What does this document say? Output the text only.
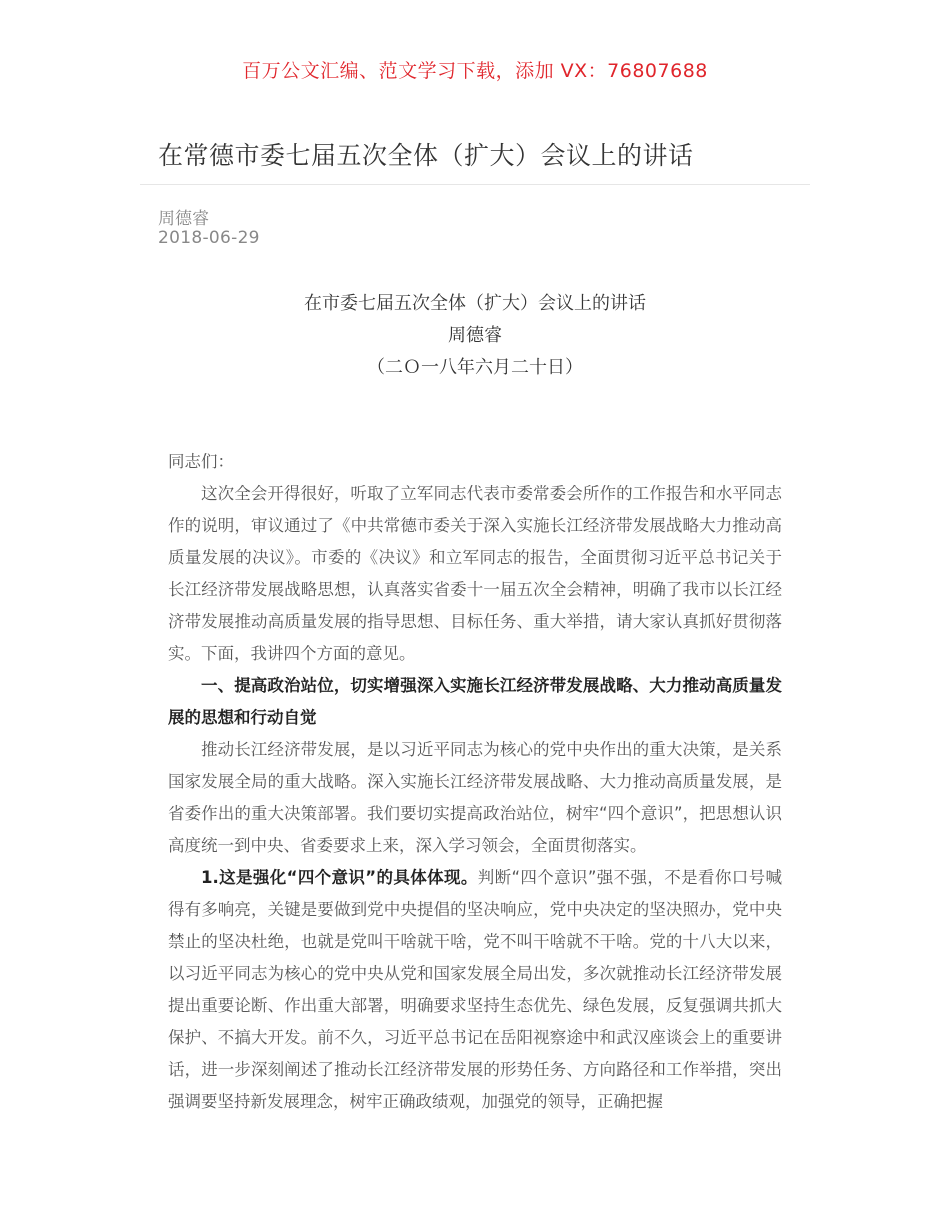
百万公文汇编、范文学习下载，添加 VX：76807688
在常德市委七届五次全体（扩大）会议上的讲话
周德睿
2018-06-29
在市委七届五次全体（扩大）会议上的讲话
周德睿
（二Ｏ一八年六月二十日）

同志们：

这次全会开得很好，听取了立军同志代表市委常委会所作的工作报告和水平同志作的说明，审议通过了《中共常德市委关于深入实施长江经济带发展战略大力推动高质量发展的决议》。市委的《决议》和立军同志的报告，全面贯彻习近平总书记关于长江经济带发展战略思想，认真落实省委十一届五次全会精神，明确了我市以长江经济带发展推动高质量发展的指导思想、目标任务、重大举措，请大家认真抓好贯彻落实。下面，我讲四个方面的意见。

一、提高政治站位，切实增强深入实施长江经济带发展战略、大力推动高质量发展的思想和行动自觉

推动长江经济带发展，是以习近平同志为核心的党中央作出的重大决策，是关系国家发展全局的重大战略。深入实施长江经济带发展战略、大力推动高质量发展，是省委作出的重大决策部署。我们要切实提高政治站位，树牢“四个意识”，把思想认识高度统一到中央、省委要求上来，深入学习领会，全面贯彻落实。

1.这是强化“四个意识”的具体体现。判断“四个意识”强不强，不是看你口号喊得有多响亮，关键是要做到党中央提倡的坚决响应，党中央决定的坚决照办，党中央禁止的坚决杜绝，也就是党叫干啥就干啥，党不叫干啥就不干啥。党的十八大以来，以习近平同志为核心的党中央从党和国家发展全局出发，多次就推动长江经济带发展提出重要论断、作出重大部署，明确要求坚持生态优先、绿色发展，反复强调共抓大保护、不搞大开发。前不久，习近平总书记在岳阳视察途中和武汉座谈会上的重要讲话，进一步深刻阐述了推动长江经济带发展的形势任务、方向路径和工作举措，突出强调要坚持新发展理念，树牢正确政绩观，加强党的领导，正确把握
